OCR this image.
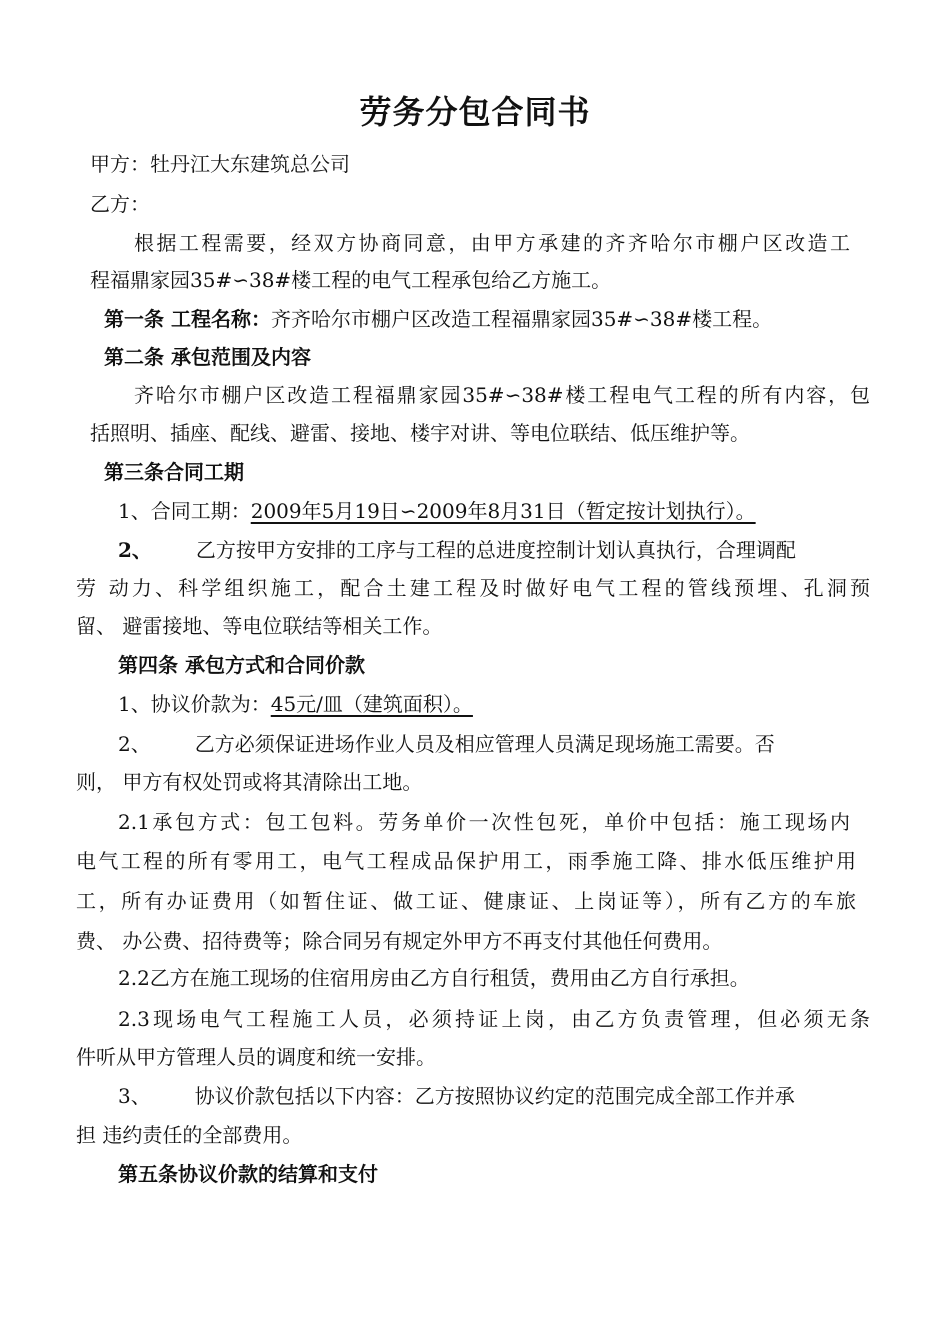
劳务分包合同书
甲方：牡丹江大东建筑总公司
乙方：
根据工程需要，经双方协商同意，由甲方承建的齐齐哈尔市棚户区改造工
程福鼎家园35#∽38#楼工程的电气工程承包给乙方施工。
第一条 工程名称：齐齐哈尔市棚户区改造工程福鼎家园35#∽38#楼工程。
第二条 承包范围及内容
齐哈尔市棚户区改造工程福鼎家园35#∽38#楼工程电气工程的所有内容，包
括照明、插座、配线、避雷、接地、楼宇对讲、等电位联结、低压维护等。
第三条合同工期
1、合同工期：2009年5月19日∽2009年8月31日（暂定按计划执行）。
2、 乙方按甲方安排的工序与工程的总进度控制计划认真执行，合理调配
劳 动力、科学组织施工，配合土建工程及时做好电气工程的管线预埋、孔洞预
留、 避雷接地、等电位联结等相关工作。
第四条 承包方式和合同价款
1、协议价款为：45元/皿（建筑面积）。
2、 乙方必须保证进场作业人员及相应管理人员满足现场施工需要。否
则， 甲方有权处罚或将其清除出工地。
2.1承包方式：包工包料。劳务单价一次性包死，单价中包括：施工现场内
电气工程的所有零用工，电气工程成品保护用工，雨季施工降、排水低压维护用
工，所有办证费用（如暂住证、做工证、健康证、上岗证等），所有乙方的车旅
费、 办公费、招待费等；除合同另有规定外甲方不再支付其他任何费用。
2.2乙方在施工现场的住宿用房由乙方自行租赁，费用由乙方自行承担。
2.3现场电气工程施工人员，必须持证上岗，由乙方负责管理，但必须无条
件听从甲方管理人员的调度和统一安排。
3、 协议价款包括以下内容：乙方按照协议约定的范围完成全部工作并承
担 违约责任的全部费用。
第五条协议价款的结算和支付
